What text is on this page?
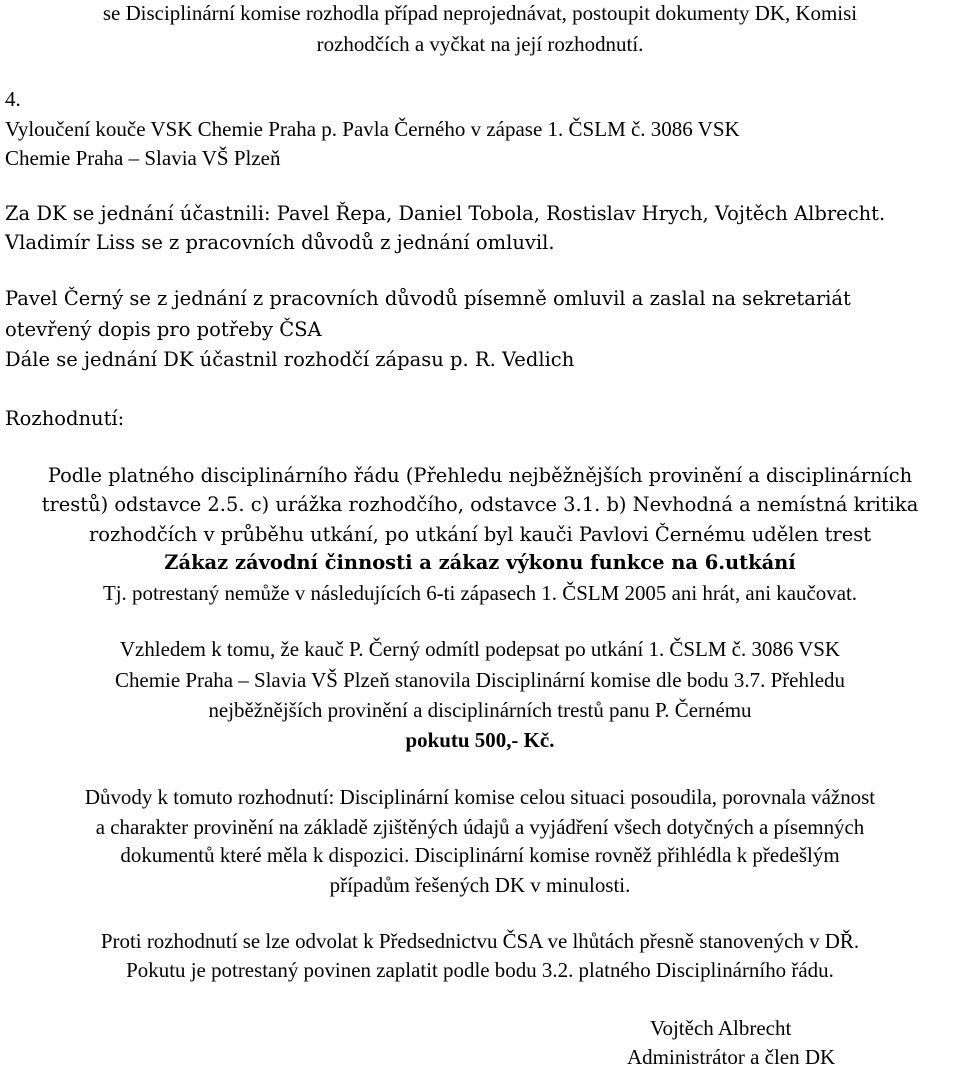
se Disciplinární komise rozhodla případ neprojednávat, postoupit dokumenty DK, Komisi
rozhodčích a vyčkat na její rozhodnutí.
4.
Vyloučení kouče VSK Chemie Praha p. Pavla Černého v zápase 1. ČSLM č. 3086 VSK
Chemie Praha – Slavia VŠ Plzeň
Za DK se jednání účastnili: Pavel Řepa, Daniel Tobola, Rostislav Hrych, Vojtěch Albrecht.
Vladimír Liss se z pracovních důvodů z jednání omluvil.
Pavel Černý se z jednání z pracovních důvodů písemně omluvil a zaslal na sekretariát
otevřený dopis pro potřeby ČSA
Dále se jednání DK účastnil rozhodčí zápasu p. R. Vedlich
Rozhodnutí:
Podle platného disciplinárního řádu (Přehledu nejběžnějších provinění a disciplinárních
trestů) odstavce 2.5. c) urážka rozhodčího, odstavce 3.1. b) Nevhodná a nemístná kritika
rozhodčích v průběhu utkání, po utkání byl kauči Pavlovi Černému udělen trest
Zákaz závodní činnosti a zákaz výkonu funkce na 6.utkání
Tj. potrestaný nemůže v následujících 6-ti zápasech 1. ČSLM 2005 ani hrát, ani kaučovat.
Vzhledem k tomu, že kauč P. Černý odmítl podepsat po utkání 1. ČSLM č. 3086 VSK
Chemie Praha – Slavia VŠ Plzeň stanovila Disciplinární komise dle bodu 3.7. Přehledu
nejběžnějších provinění a disciplinárních trestů panu P. Černému
pokutu 500,- Kč.
Důvody k tomuto rozhodnutí: Disciplinární komise celou situaci posoudila, porovnala vážnost
a charakter provinění na základě zjištěných údajů a vyjádření všech dotyčných a písemných
dokumentů které měla k dispozici. Disciplinární komise rovněž přihlédla k předešlým
případům řešených DK v minulosti.
Proti rozhodnutí se lze odvolat k Předsednictvu ČSA ve lhůtách přesně stanovených v DŘ.
Pokutu je potrestaný povinen zaplatit podle bodu 3.2. platného Disciplinárního řádu.
Vojtěch Albrecht
Administrátor a člen DK
